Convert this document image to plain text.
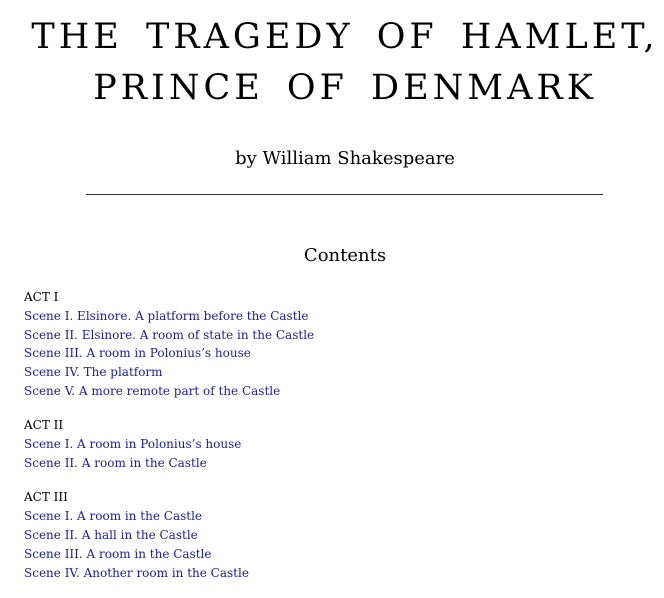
THE TRAGEDY OF HAMLET,
PRINCE OF DENMARK

by William Shakespeare

Contents
ACT I
Scene I. Elsinore. A platform before the Castle
Scene II. Elsinore. A room of state in the Castle
Scene III. A room in Polonius’s house
Scene IV. The platform
Scene V. A more remote part of the Castle
ACT II
Scene I. A room in Polonius’s house
Scene II. A room in the Castle
ACT III
Scene I. A room in the Castle
Scene II. A hall in the Castle
Scene III. A room in the Castle
Scene IV. Another room in the Castle
